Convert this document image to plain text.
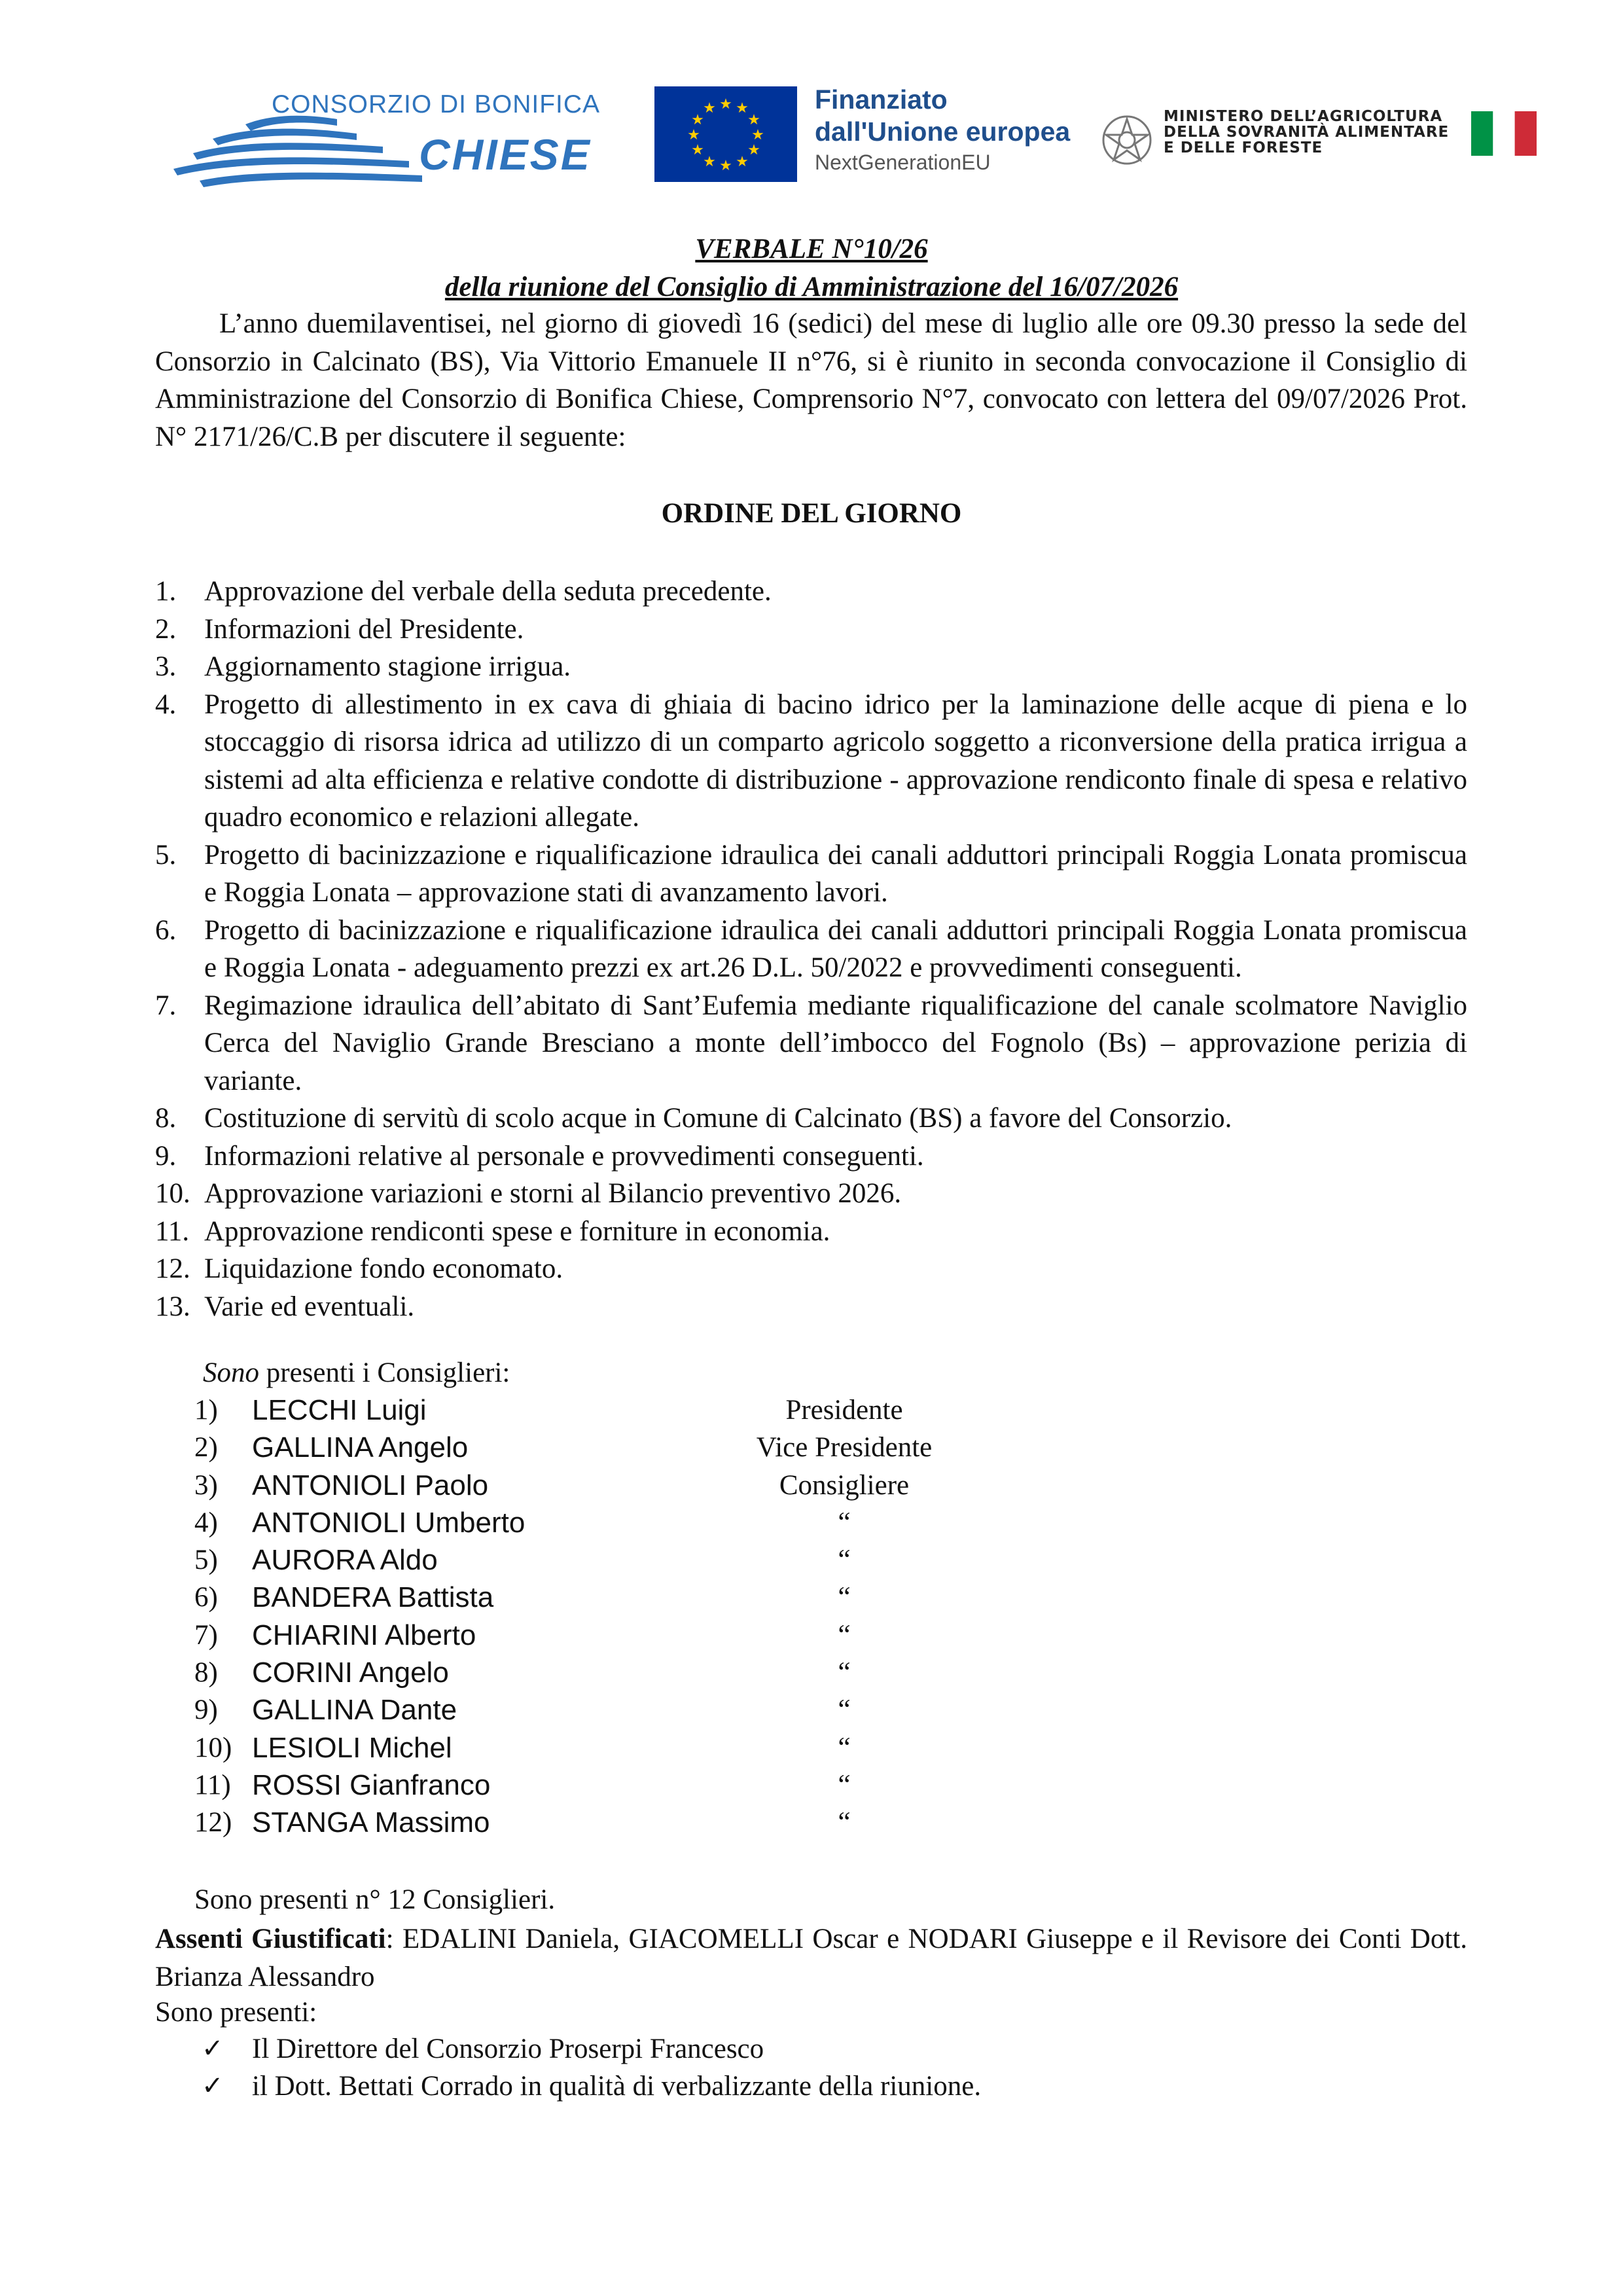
CONSORZIO DI BONIFICA
CHIESE
★ ★
★
★
★
★
★
★
★
★
★
★	Finanziato
dall'Unione europea
NextGenerationEU
MINISTERO DELL’AGRICOLTURA
DELLA SOVRANITÀ ALIMENTARE
E DELLE FORESTE
VERBALE N°10/26
della riunione del Consiglio di Amministrazione del 16/07/2026
L’anno duemilaventisei, nel giorno di giovedì 16 (sedici) del mese di luglio alle ore 09.30 presso la sede del Consorzio in Calcinato (BS), Via Vittorio Emanuele II n°76, si è riunito in seconda convocazione il Consiglio di Amministrazione del Consorzio di Bonifica Chiese, Comprensorio N°7, convocato con lettera del 09/07/2026 Prot. N° 2171/26/C.B per discutere il seguente:
ORDINE DEL GIORNO
1. Approvazione del verbale della seduta precedente.
2. Informazioni del Presidente.
3. Aggiornamento stagione irrigua.
4. Progetto di allestimento in ex cava di ghiaia di bacino idrico per la laminazione delle acque di piena e lo stoccaggio di risorsa idrica ad utilizzo di un comparto agricolo soggetto a riconversione della pratica irrigua a sistemi ad alta efficienza e relative condotte di distribuzione - approvazione rendiconto finale di spesa e relativo quadro economico e relazioni allegate.
5. Progetto di bacinizzazione e riqualificazione idraulica dei canali adduttori principali Roggia Lonata promiscua e Roggia Lonata – approvazione stati di avanzamento lavori.
6. Progetto di bacinizzazione e riqualificazione idraulica dei canali adduttori principali Roggia Lonata promiscua e Roggia Lonata - adeguamento prezzi ex art.26 D.L. 50/2022 e provvedimenti conseguenti.
7. Regimazione idraulica dell’abitato di Sant’Eufemia mediante riqualificazione del canale scolmatore Naviglio Cerca del Naviglio Grande Bresciano a monte dell’imbocco del Fognolo (Bs) – approvazione perizia di variante.
8. Costituzione di servitù di scolo acque in Comune di Calcinato (BS) a favore del Consorzio.
9. Informazioni relative al personale e provvedimenti conseguenti.
10. Approvazione variazioni e storni al Bilancio preventivo 2026.
11. Approvazione rendiconti spese e forniture in economia.
12. Liquidazione fondo economato.
13. Varie ed eventuali.
Sono presenti i Consiglieri:
1) LECCHI Luigi	Presidente
2) GALLINA Angelo	Vice Presidente
3) ANTONIOLI Paolo	Consigliere
4) ANTONIOLI Umberto	“
5) AURORA Aldo	“
6) BANDERA Battista	“
7) CHIARINI Alberto	“
8) CORINI Angelo	“
9) GALLINA Dante	“
10) LESIOLI Michel	“
11) ROSSI Gianfranco	“
12) STANGA Massimo	“
Sono presenti n° 12 Consiglieri.
Assenti Giustificati: EDALINI Daniela, GIACOMELLI Oscar e NODARI Giuseppe e il Revisore dei Conti Dott. Brianza Alessandro
Sono presenti:
✓ Il Direttore del Consorzio Proserpi Francesco
✓ il Dott. Bettati Corrado in qualità di verbalizzante della riunione.
